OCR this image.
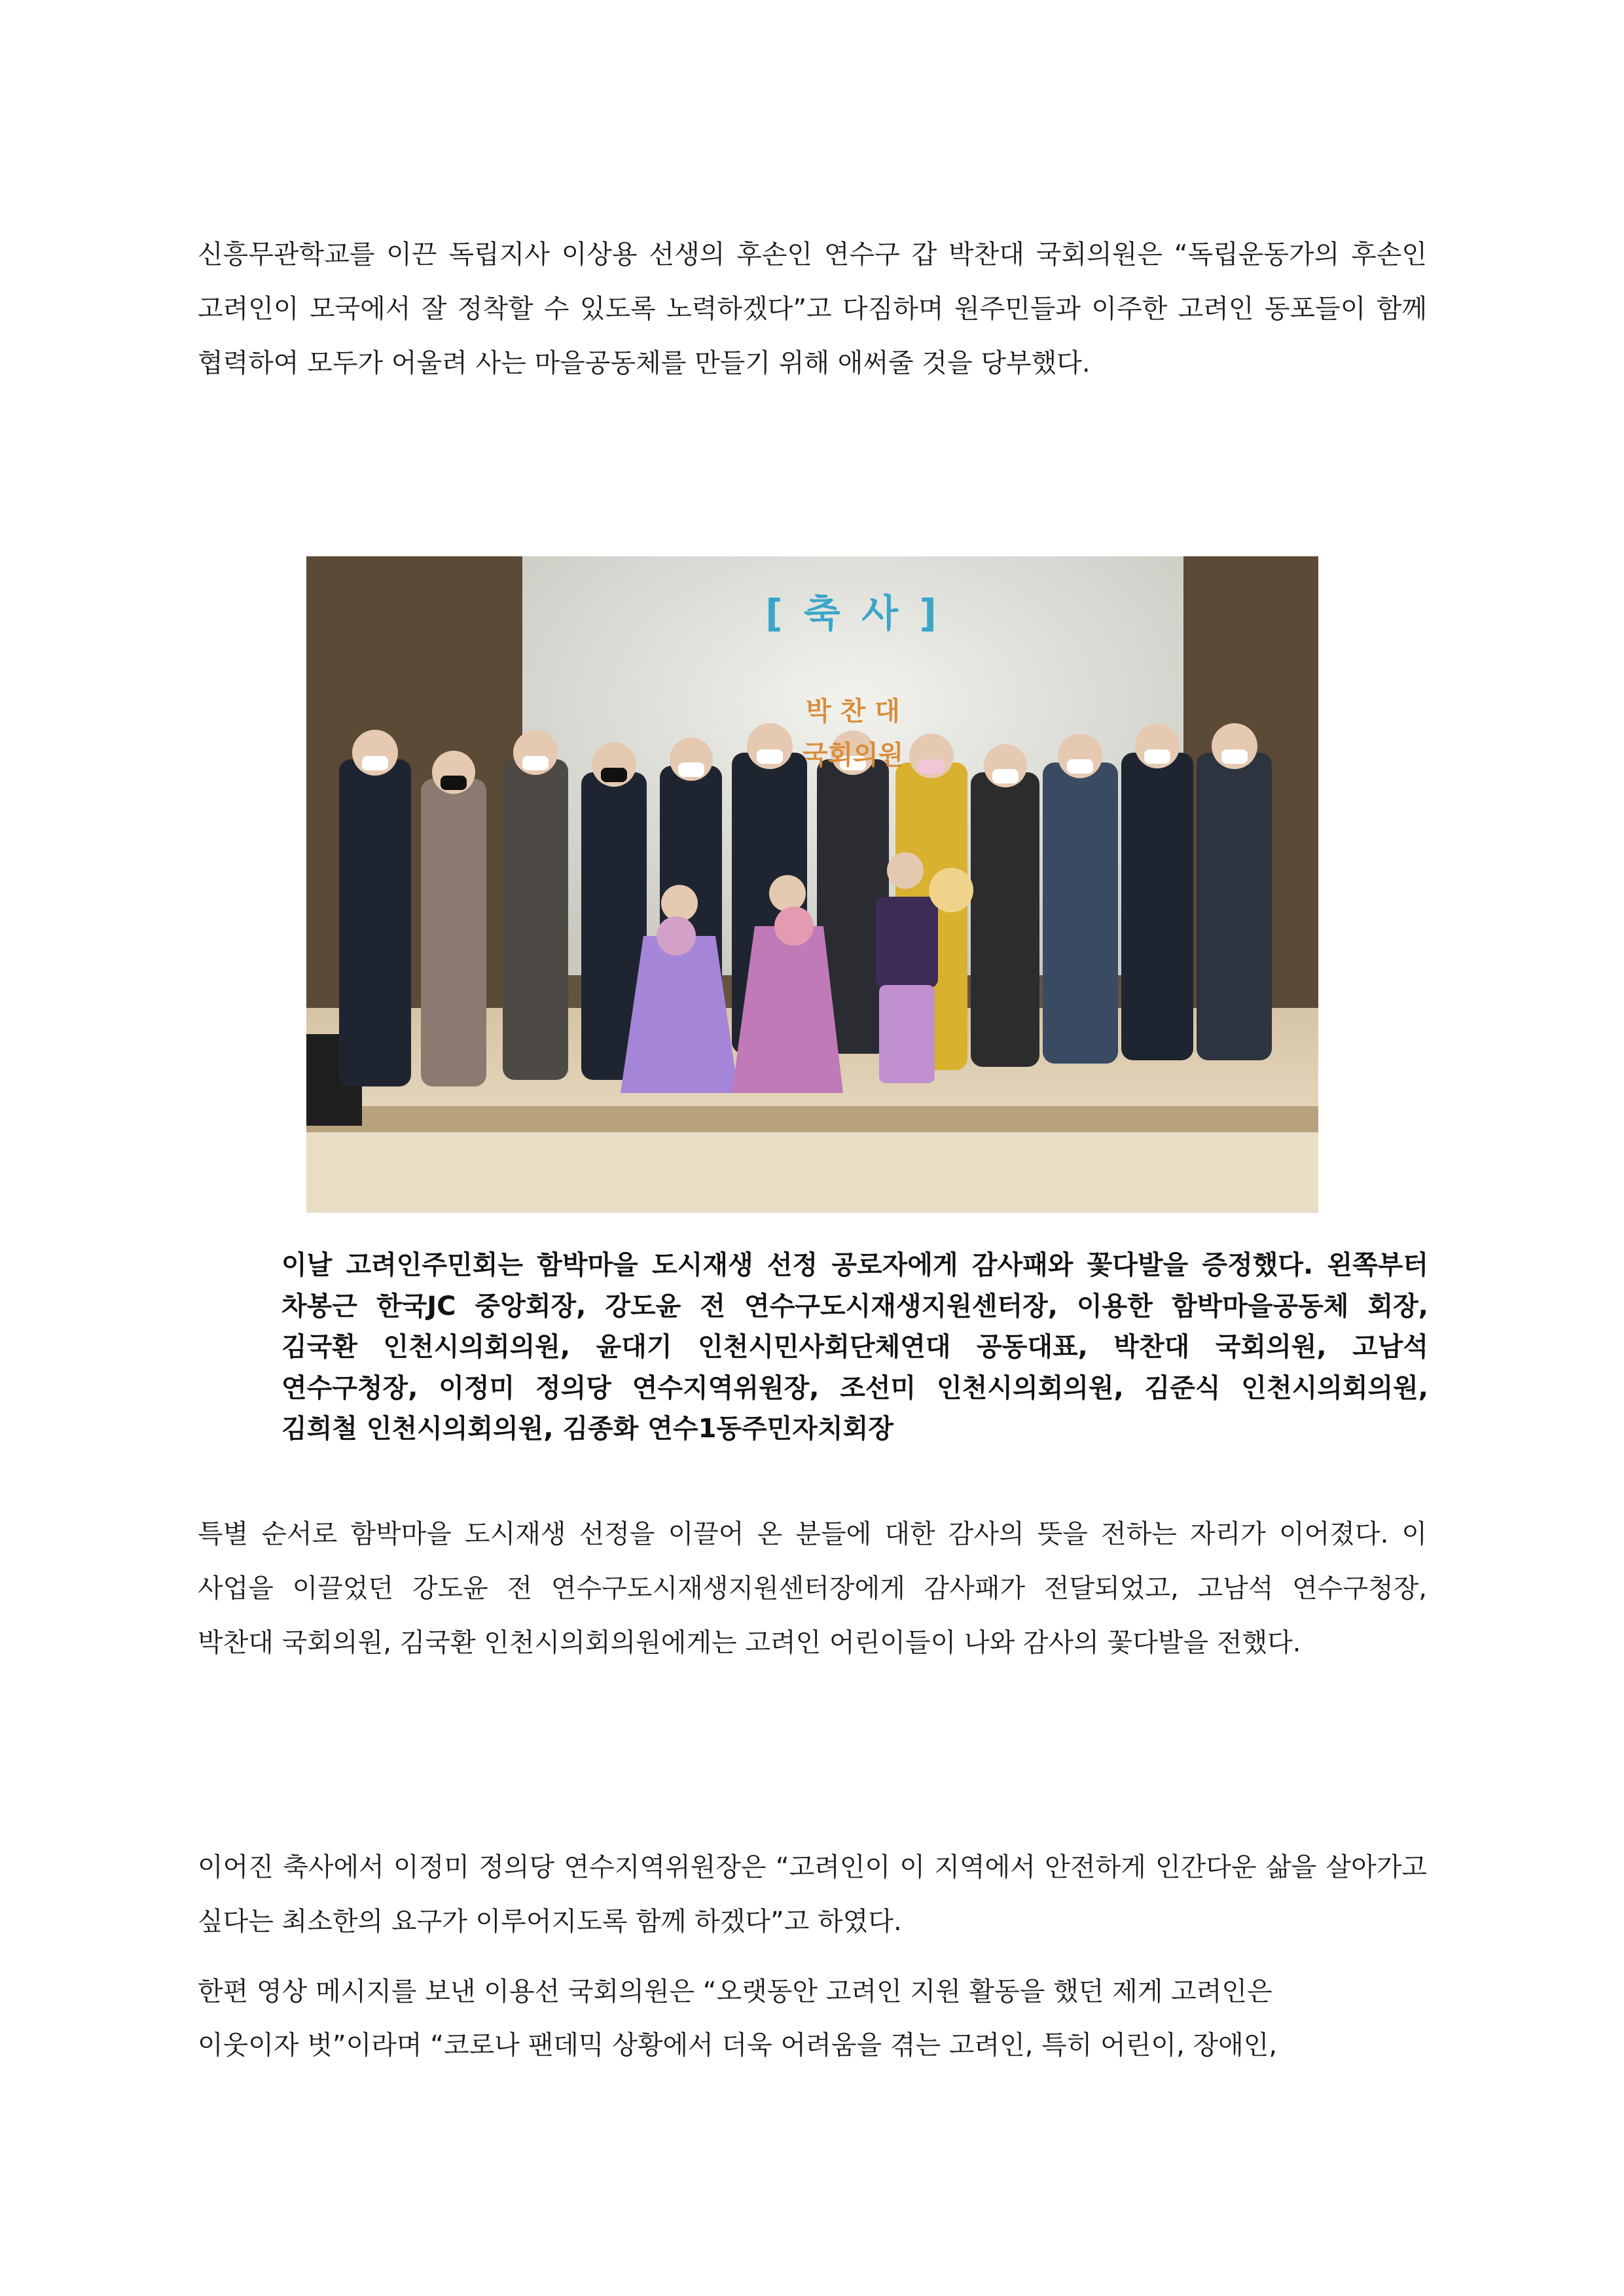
신흥무관학교를 이끈 독립지사 이상용 선생의 후손인 연수구 갑 박찬대 국회의원은 “독립운동가의 후손인 고려인이 모국에서 잘 정착할 수 있도록 노력하겠다”고 다짐하며 원주민들과 이주한 고려인 동포들이 함께 협력하여 모두가 어울려 사는 마을공동체를 만들기 위해 애써줄 것을 당부했다.

[ 축 사 ]
박 찬 대
국회의원

이날 고려인주민회는 함박마을 도시재생 선정 공로자에게 감사패와 꽃다발을 증정했다. 왼쪽부터 차봉근 한국JC 중앙회장, 강도윤 전 연수구도시재생지원센터장, 이용한 함박마을공동체 회장, 김국환 인천시의회의원, 윤대기 인천시민사회단체연대 공동대표, 박찬대 국회의원, 고남석 연수구청장, 이정미 정의당 연수지역위원장, 조선미 인천시의회의원, 김준식 인천시의회의원, 김희철 인천시의회의원, 김종화 연수1동주민자치회장

특별 순서로 함박마을 도시재생 선정을 이끌어 온 분들에 대한 감사의 뜻을 전하는 자리가 이어졌다. 이 사업을 이끌었던 강도윤 전 연수구도시재생지원센터장에게 감사패가 전달되었고, 고남석 연수구청장, 박찬대 국회의원, 김국환 인천시의회의원에게는 고려인 어린이들이 나와 감사의 꽃다발을 전했다.

이어진 축사에서 이정미 정의당 연수지역위원장은 “고려인이 이 지역에서 안전하게 인간다운 삶을 살아가고 싶다는 최소한의 요구가 이루어지도록 함께 하겠다”고 하였다.

한편 영상 메시지를 보낸 이용선 국회의원은 “오랫동안 고려인 지원 활동을 했던 제게 고려인은

이웃이자 벗”이라며 “코로나 팬데믹 상황에서 더욱 어려움을 겪는 고려인, 특히 어린이, 장애인,
